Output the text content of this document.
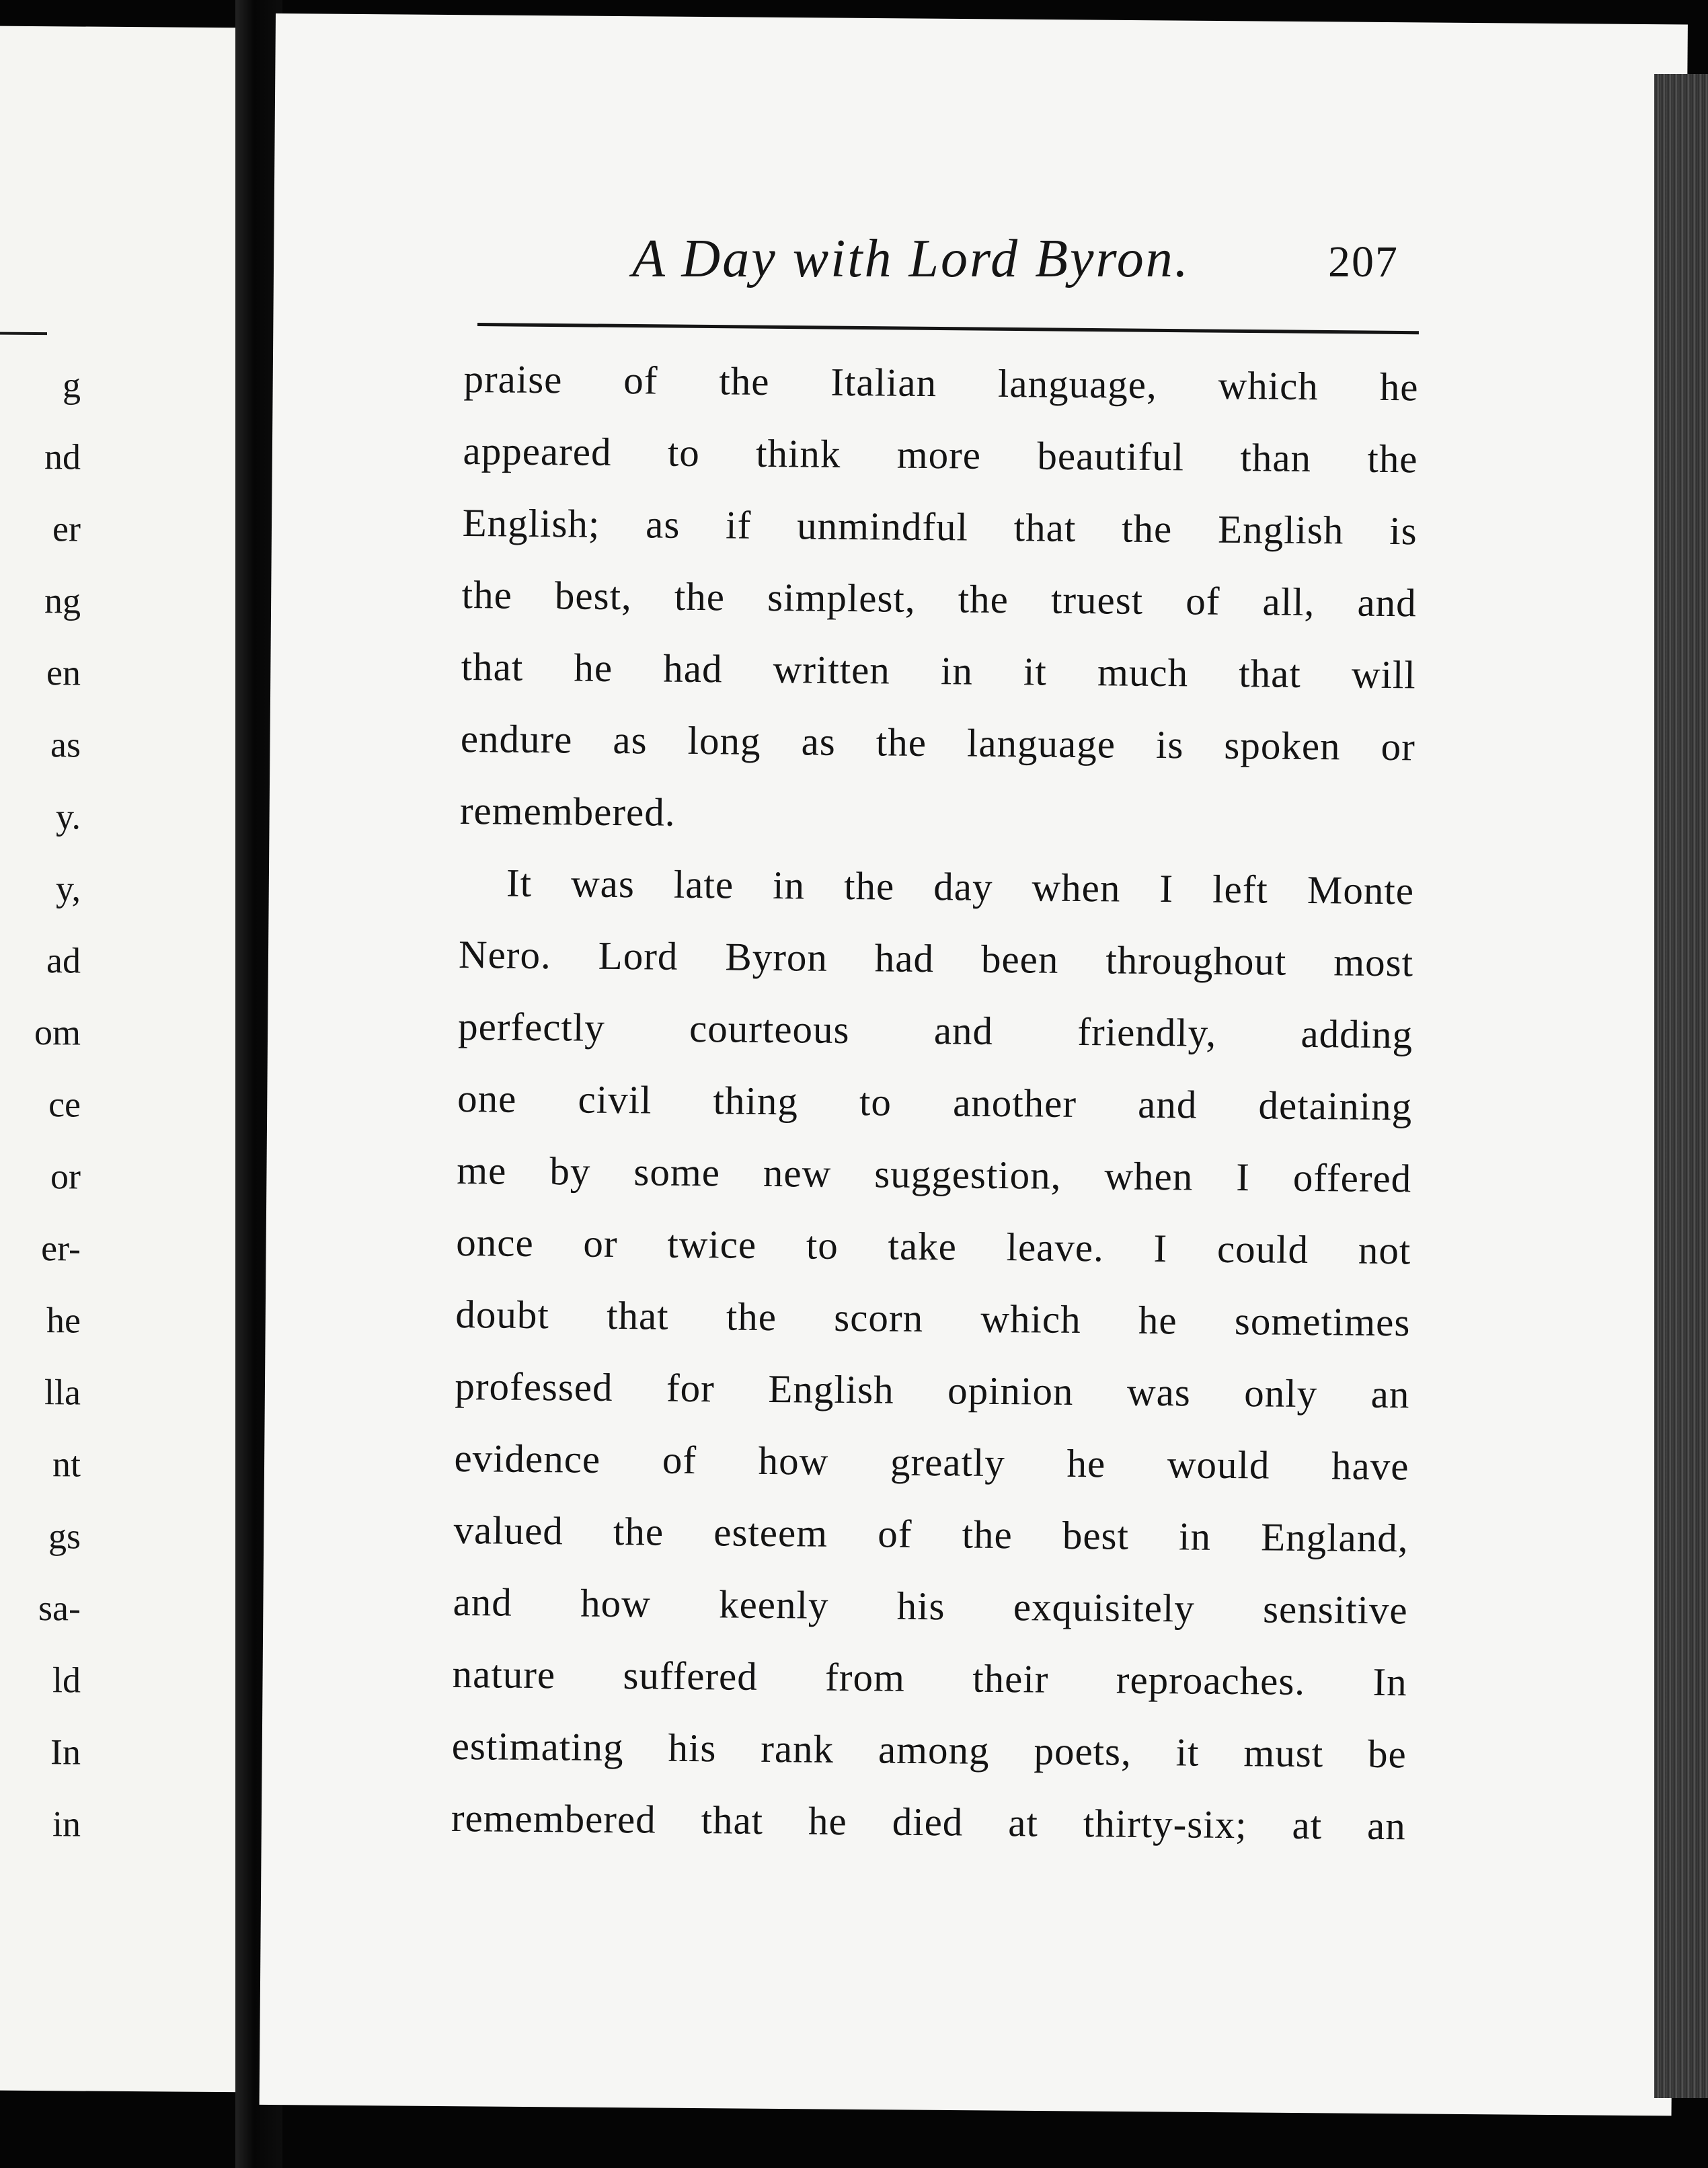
g
nd
er
ng
en
as
y.
y,
ad
om
ce
or
er-
he
lla
nt
gs
sa-
ld
In
in
A Day with Lord Byron.	207
praise of the Italian language, which he
appeared to think more beautiful than the
English; as if unmindful that the English is
the best, the simplest, the truest of all, and
that he had written in it much that will
endure as long as the language is spoken or
remembered.
It was late in the day when I left Monte
Nero. Lord Byron had been throughout most
perfectly courteous and friendly, adding
one civil thing to another and detaining
me by some new suggestion, when I offered
once or twice to take leave. I could not
doubt that the scorn which he sometimes
professed for English opinion was only an
evidence of how greatly he would have
valued the esteem of the best in England,
and how keenly his exquisitely sensitive
nature suffered from their reproaches. In
estimating his rank among poets, it must be
remembered that he died at thirty-six; at an
